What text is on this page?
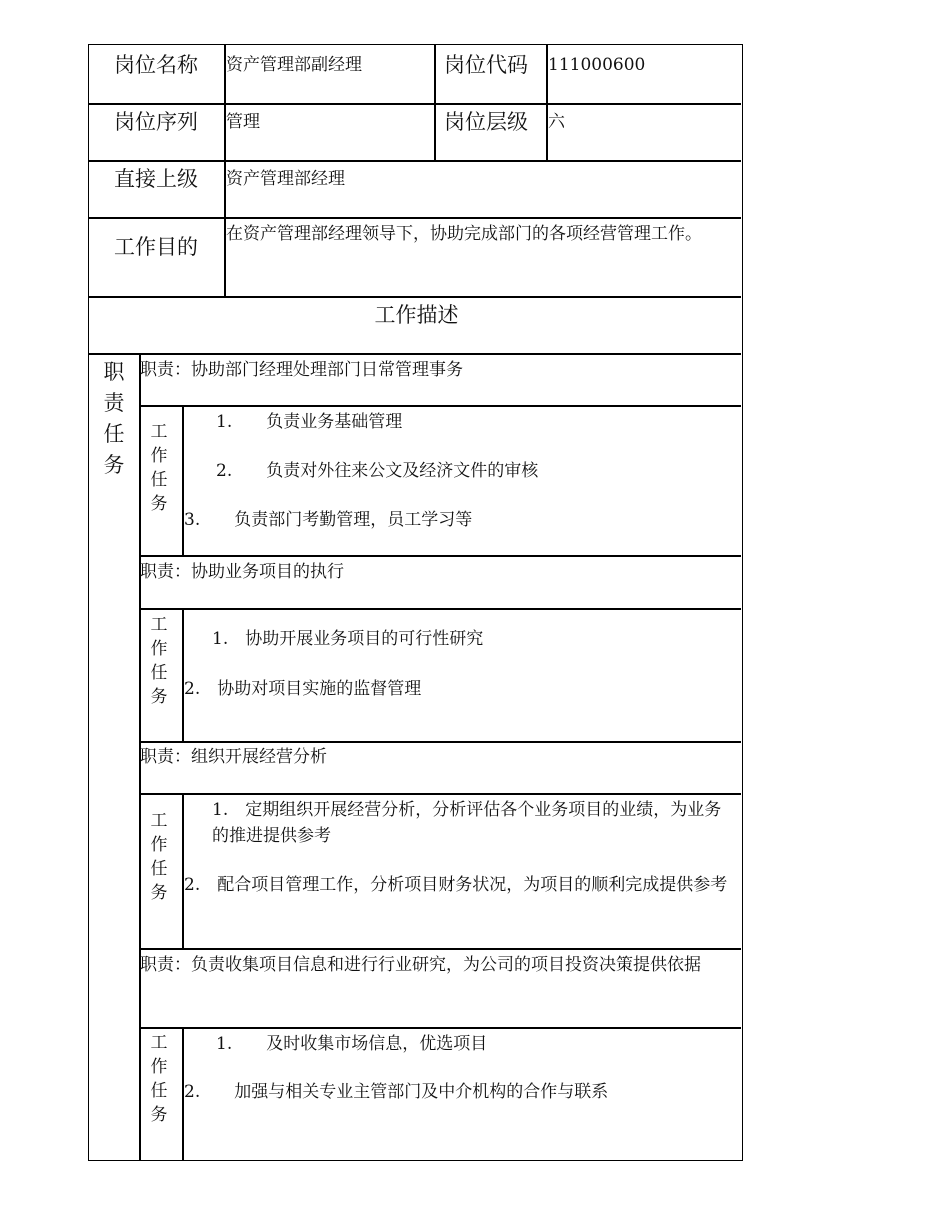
岗位名称 资产管理部副经理	岗位代码 111000600
岗位序列 管理	岗位层级 六
直接上级 资产管理部经理
工作目的
在资产管理部经理领导下，协助完成部门的各项经营管理工作。
工作描述
职
责
任
务
职责：协助部门经理处理部门日常管理事务
工
作
任
务
1.　　负责业务基础管理
2.　　负责对外往来公文及经济文件的审核
3.　　负责部门考勤管理，员工学习等
职责：协助业务项目的执行
工
作
任
务
1.　协助开展业务项目的可行性研究
2.　协助对项目实施的监督管理
职责：组织开展经营分析
工
作
任
务
1.　定期组织开展经营分析，分析评估各个业务项目的业绩，为业务的推进提供参考
2.　配合项目管理工作，分析项目财务状况，为项目的顺利完成提供参考
职责：负责收集项目信息和进行行业研究，为公司的项目投资决策提供依据
工
作
任
务
1.　　及时收集市场信息，优选项目
2.　　加强与相关专业主管部门及中介机构的合作与联系
